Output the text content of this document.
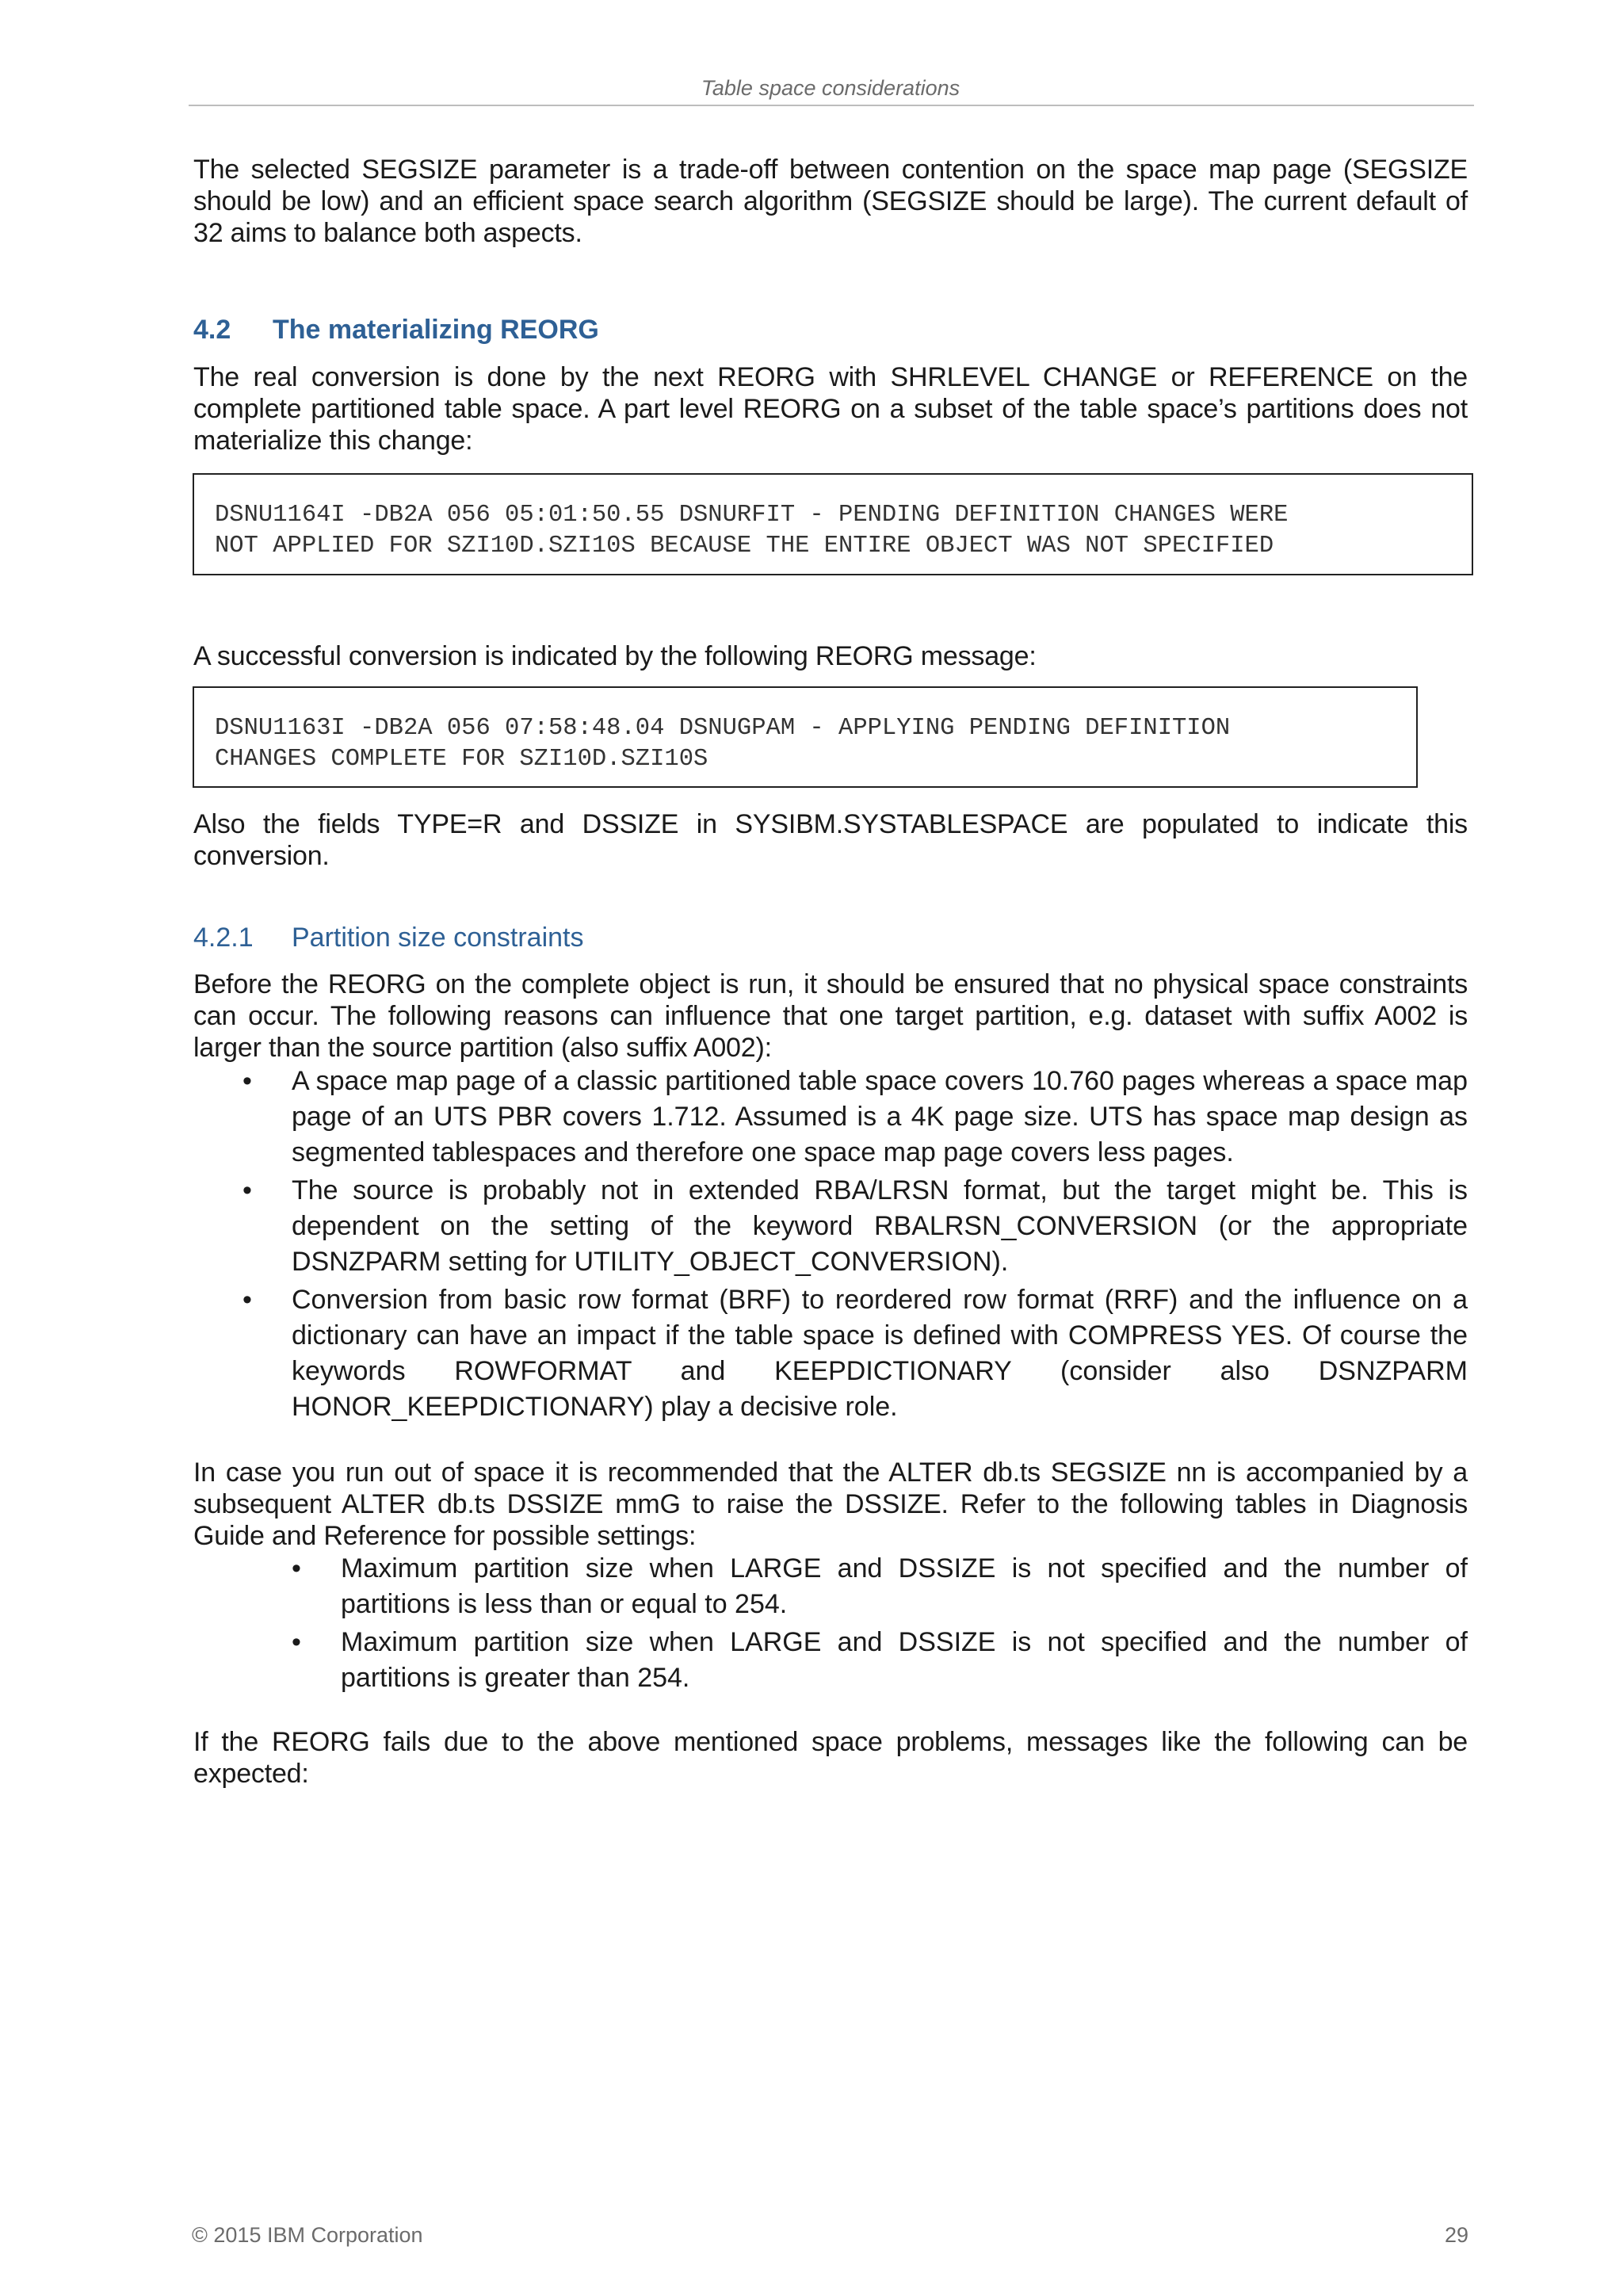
Table space considerations

The selected SEGSIZE parameter is a trade-off between contention on the space map page (SEGSIZE should be low) and an efficient space search algorithm (SEGSIZE should be large). The current default of 32 aims to balance both aspects.

4.2 The materializing REORG

The real conversion is done by the next REORG with SHRLEVEL CHANGE or REFERENCE on the complete partitioned table space. A part level REORG on a subset of the table space’s partitions does not materialize this change:

DSNU1164I -DB2A 056 05:01:50.55 DSNURFIT - PENDING DEFINITION CHANGES WERE
NOT APPLIED FOR SZI10D.SZI10S BECAUSE THE ENTIRE OBJECT WAS NOT SPECIFIED

A successful conversion is indicated by the following REORG message:

DSNU1163I -DB2A 056 07:58:48.04 DSNUGPAM - APPLYING PENDING DEFINITION
CHANGES COMPLETE FOR SZI10D.SZI10S

Also the fields TYPE=R and DSSIZE in SYSIBM.SYSTABLESPACE are populated to indicate this conversion.

4.2.1 Partition size constraints

Before the REORG on the complete object is run, it should be ensured that no physical space constraints can occur. The following reasons can influence that one target partition, e.g. dataset with suffix A002 is larger than the source partition (also suffix A002):

• A space map page of a classic partitioned table space covers 10.760 pages whereas a space map page of an UTS PBR covers 1.712. Assumed is a 4K page size. UTS has space map design as segmented tablespaces and therefore one space map page covers less pages.
• The source is probably not in extended RBA/LRSN format, but the target might be. This is dependent on the setting of the keyword RBALRSN_CONVERSION (or the appropriate DSNZPARM setting for UTILITY_OBJECT_CONVERSION).
• Conversion from basic row format (BRF) to reordered row format (RRF) and the influence on a dictionary can have an impact if the table space is defined with COMPRESS YES. Of course the keywords ROWFORMAT and KEEPDICTIONARY (consider also DSNZPARM HONOR_KEEPDICTIONARY) play a decisive role.

In case you run out of space it is recommended that the ALTER db.ts SEGSIZE nn is accompanied by a subsequent ALTER db.ts DSSIZE mmG to raise the DSSIZE. Refer to the following tables in Diagnosis Guide and Reference for possible settings:

• Maximum partition size when LARGE and DSSIZE is not specified and the number of partitions is less than or equal to 254.
• Maximum partition size when LARGE and DSSIZE is not specified and the number of partitions is greater than 254.

If the REORG fails due to the above mentioned space problems, messages like the following can be expected:

© 2015 IBM Corporation	29
